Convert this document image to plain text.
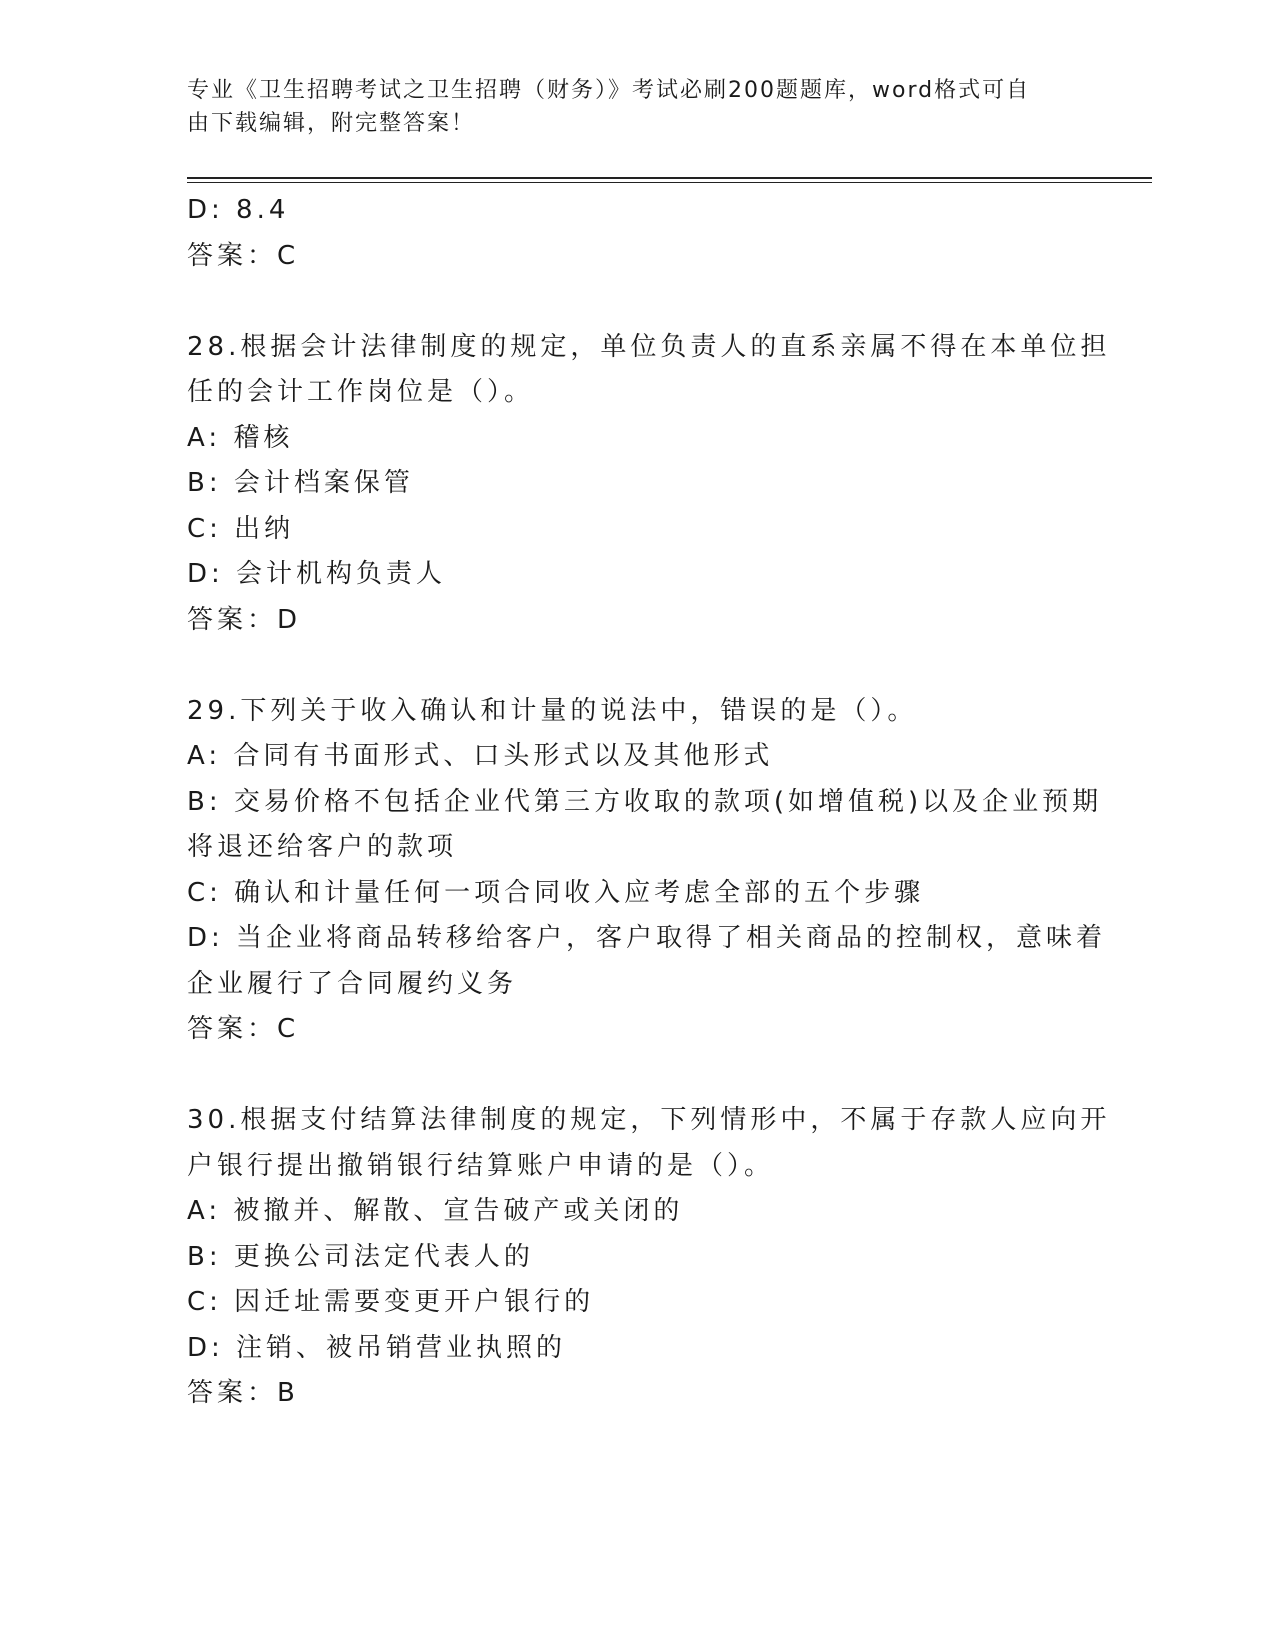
专业《卫生招聘考试之卫生招聘（财务）》考试必刷200题题库，word格式可自
由下载编辑，附完整答案！
D: 8.4
答案：C
28.根据会计法律制度的规定，单位负责人的直系亲属不得在本单位担
任的会计工作岗位是（）。
A: 稽核
B: 会计档案保管
C: 出纳
D: 会计机构负责人
答案：D
29.下列关于收入确认和计量的说法中，错误的是（）。
A: 合同有书面形式、口头形式以及其他形式
B: 交易价格不包括企业代第三方收取的款项(如增值税)以及企业预期
将退还给客户的款项
C: 确认和计量任何一项合同收入应考虑全部的五个步骤
D: 当企业将商品转移给客户，客户取得了相关商品的控制权，意味着
企业履行了合同履约义务
答案：C
30.根据支付结算法律制度的规定，下列情形中，不属于存款人应向开
户银行提出撤销银行结算账户申请的是（）。
A: 被撤并、解散、宣告破产或关闭的
B: 更换公司法定代表人的
C: 因迁址需要变更开户银行的
D: 注销、被吊销营业执照的
答案：B
